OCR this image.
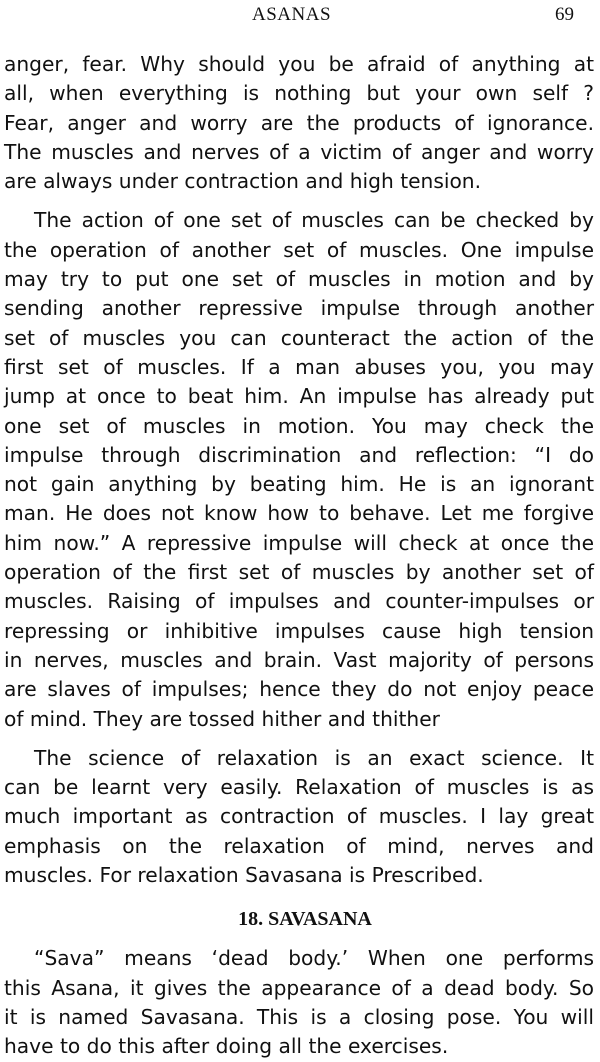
ASANAS	69

anger, fear. Why should you be afraid of anything at
all, when everything is nothing but your own self ?
Fear, anger and worry are the products of ignorance.
The muscles and nerves of a victim of anger and worry
are always under contraction and high tension.

The action of one set of muscles can be checked by
the operation of another set of muscles. One impulse
may try to put one set of muscles in motion and by
sending another repressive impulse through another
set of muscles you can counteract the action of the
first set of muscles. If a man abuses you, you may
jump at once to beat him. An impulse has already put
one set of muscles in motion. You may check the
impulse through discrimination and reflection: “I do
not gain anything by beating him. He is an ignorant
man. He does not know how to behave. Let me forgive
him now.” A repressive impulse will check at once the
operation of the first set of muscles by another set of
muscles. Raising of impulses and counter-impulses or
repressing or inhibitive impulses cause high tension
in nerves, muscles and brain. Vast majority of persons
are slaves of impulses; hence they do not enjoy peace
of mind. They are tossed hither and thither

The science of relaxation is an exact science. It
can be learnt very easily. Relaxation of muscles is as
much important as contraction of muscles. I lay great
emphasis on the relaxation of mind, nerves and
muscles. For relaxation Savasana is Prescribed.

18. SAVASANA

“Sava” means ‘dead body.’ When one performs
this Asana, it gives the appearance of a dead body. So
it is named Savasana. This is a closing pose. You will
have to do this after doing all the exercises.
